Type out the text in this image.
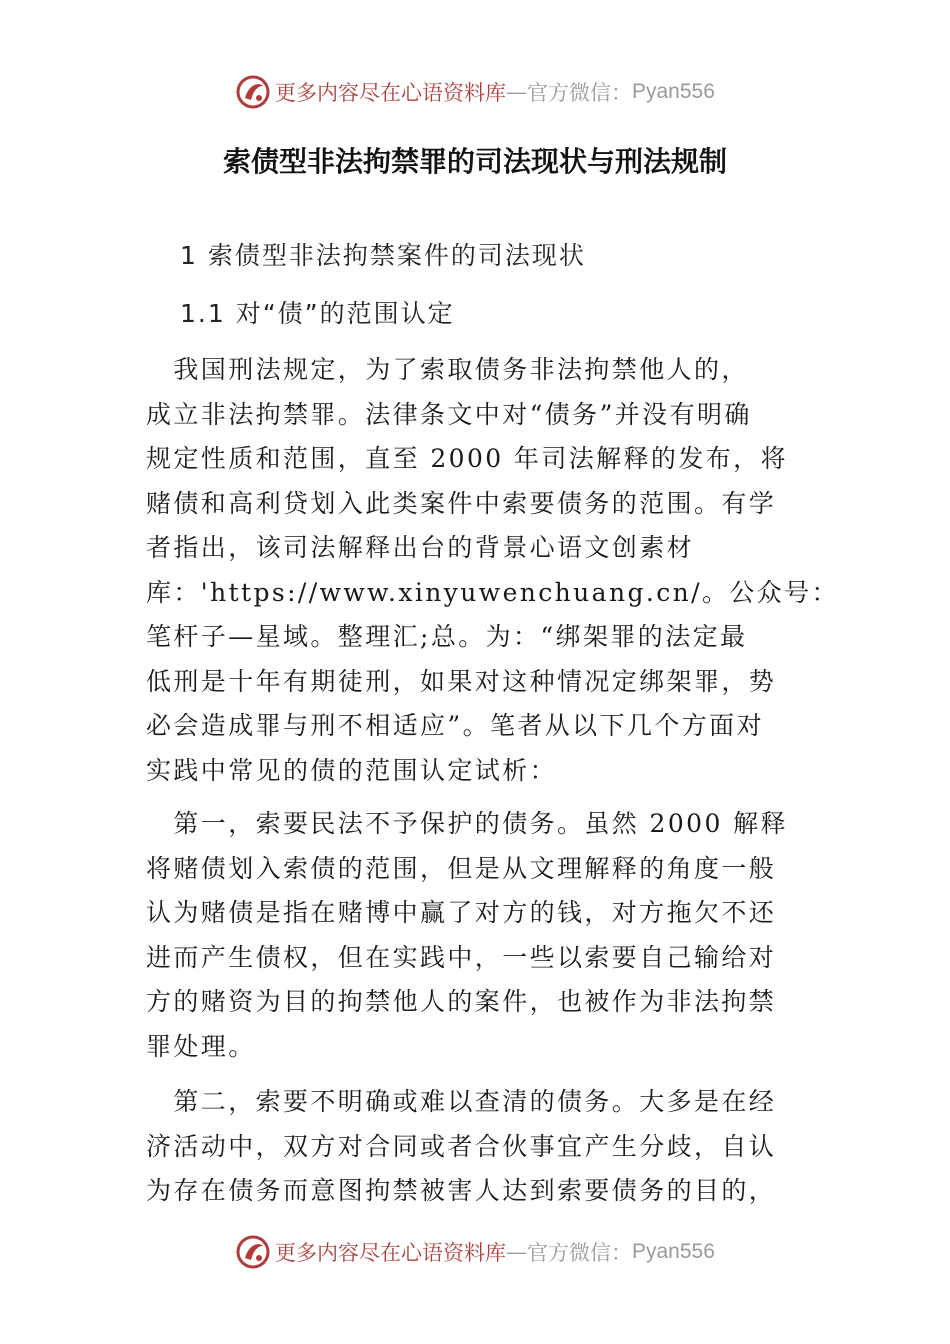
更多内容尽在心语资料库 — 官方微信： Pyan556
索债型非法拘禁罪的司法现状与刑法规制
1 索债型非法拘禁案件的司法现状
1.1 对“债”的范围认定
　我国刑法规定，为了索取债务非法拘禁他人的，
成立非法拘禁罪。法律条文中对“债务”并没有明确
规定性质和范围，直至 2000 年司法解释的发布，将
赌债和高利贷划入此类案件中索要债务的范围。有学
者指出，该司法解释出台的背景心语文创素材
库：'https://www.xinyuwenchuang.cn/。公众号：
笔杆子—星域。整理汇;总。为：“绑架罪的法定最
低刑是十年有期徒刑，如果对这种情况定绑架罪，势
必会造成罪与刑不相适应”。笔者从以下几个方面对
实践中常见的债的范围认定试析：
　第一，索要民法不予保护的债务。虽然 2000 解释
将赌债划入索债的范围，但是从文理解释的角度一般
认为赌债是指在赌博中赢了对方的钱，对方拖欠不还
进而产生债权，但在实践中，一些以索要自己输给对
方的赌资为目的拘禁他人的案件，也被作为非法拘禁
罪处理。
　第二，索要不明确或难以查清的债务。大多是在经
济活动中，双方对合同或者合伙事宜产生分歧，自认
为存在债务而意图拘禁被害人达到索要债务的目的，
更多内容尽在心语资料库 — 官方微信： Pyan556
